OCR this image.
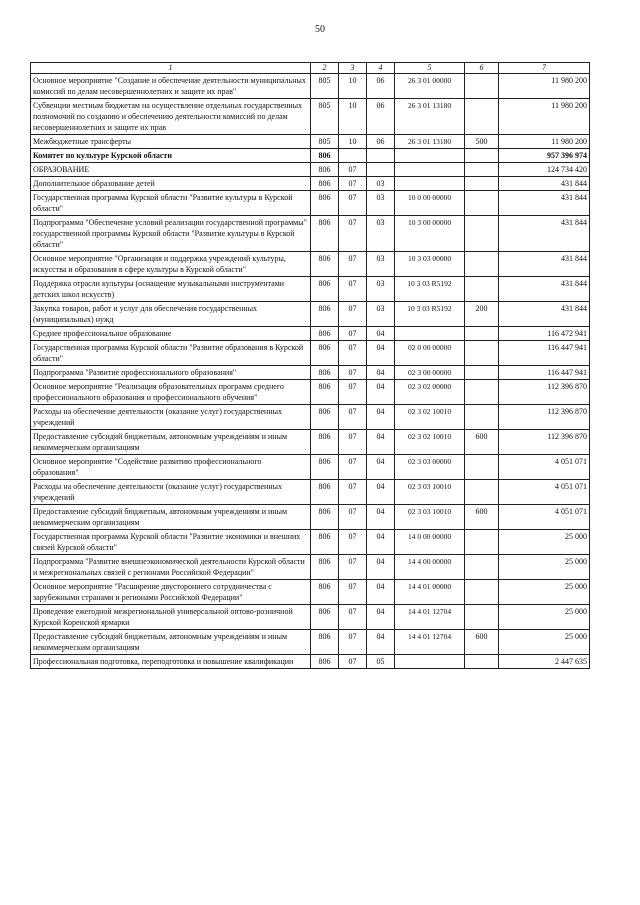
50
1	2	3	4	5	6	7
Основное мероприятие "Создание и обеспечение деятельности муниципальных комиссий по делам несовершеннолетних и защите их прав"	805	10	06	26 3 01 00000		11 980 200
Субвенции местным бюджетам на осуществление отдельных государственных полномочий по созданию и обеспечению деятельности комиссий по делам несовершеннолетних и защите их прав	805	10	06	26 3 01 13180		11 980 200
Межбюджетные трансферты	805	10	06	26 3 01 13180	500	11 980 200
Комитет по культуре Курской области	806					957 396 974
ОБРАЗОВАНИЕ	806	07				124 734 420
Дополнительное образование детей	806	07	03			431 844
Государственная программа Курской области "Развитие культуры в Курской области"	806	07	03	10 0 00 00000		431 844
Подпрограмма "Обеспечение условий реализации государственной программы" государственной программы Курской области "Развитие культуры в Курской области"	806	07	03	10 3 00 00000		431 844
Основное мероприятие "Организация и поддержка учреждений культуры, искусства и образования в сфере культуры в Курской области"	806	07	03	10 3 03 00000		431 844
Поддержка отрасли культуры (оснащение музыкальными инструментами детских школ искусств)	806	07	03	10 3 03 R5192		431 844
Закупка товаров, работ и услуг для обеспечения государственных (муниципальных) нужд	806	07	03	10 3 03 R5192	200	431 844
Среднее профессиональное образование	806	07	04			116 472 941
Государственная программа Курской области "Развитие образования в Курской области"	806	07	04	02 0 00 00000		116 447 941
Подпрограмма "Развитие профессионального образования"	806	07	04	02 3 00 00000		116 447 941
Основное мероприятие "Реализация образовательных программ среднего профессионального образования и профессионального обучения"	806	07	04	02 3 02 00000		112 396 870
Расходы на обеспечение деятельности (оказание услуг) государственных учреждений	806	07	04	02 3 02 10010		112 396 870
Предоставление субсидий бюджетным, автономным учреждениям и иным некоммерческим организациям	806	07	04	02 3 02 10010	600	112 396 870
Основное мероприятие "Содействие развитию профессионального образования"	806	07	04	02 3 03 00000		4 051 071
Расходы на обеспечение деятельности (оказание услуг) государственных учреждений	806	07	04	02 3 03 10010		4 051 071
Предоставление субсидий бюджетным, автономным учреждениям и иным некоммерческим организациям	806	07	04	02 3 03 10010	600	4 051 071
Государственная программа Курской области "Развитие экономики и внешних связей Курской области"	806	07	04	14 0 00 00000		25 000
Подпрограмма "Развитие внешнеэкономической деятельности Курской области и межрегиональных связей с регионами Российской Федерации"	806	07	04	14 4 00 00000		25 000
Основное мероприятие "Расширение двустороннего сотрудничества с зарубежными странами и регионами Российской Федерации"	806	07	04	14 4 01 00000		25 000
Проведение ежегодной межрегиональной универсальной оптово-розничной Курской Коренской ярмарки	806	07	04	14 4 01 12704		25 000
Предоставление субсидий бюджетным, автономным учреждениям и иным некоммерческим организациям	806	07	04	14 4 01 12704	600	25 000
Профессиональная подготовка, переподготовка и повышение квалификации	806	07	05			2 447 635
